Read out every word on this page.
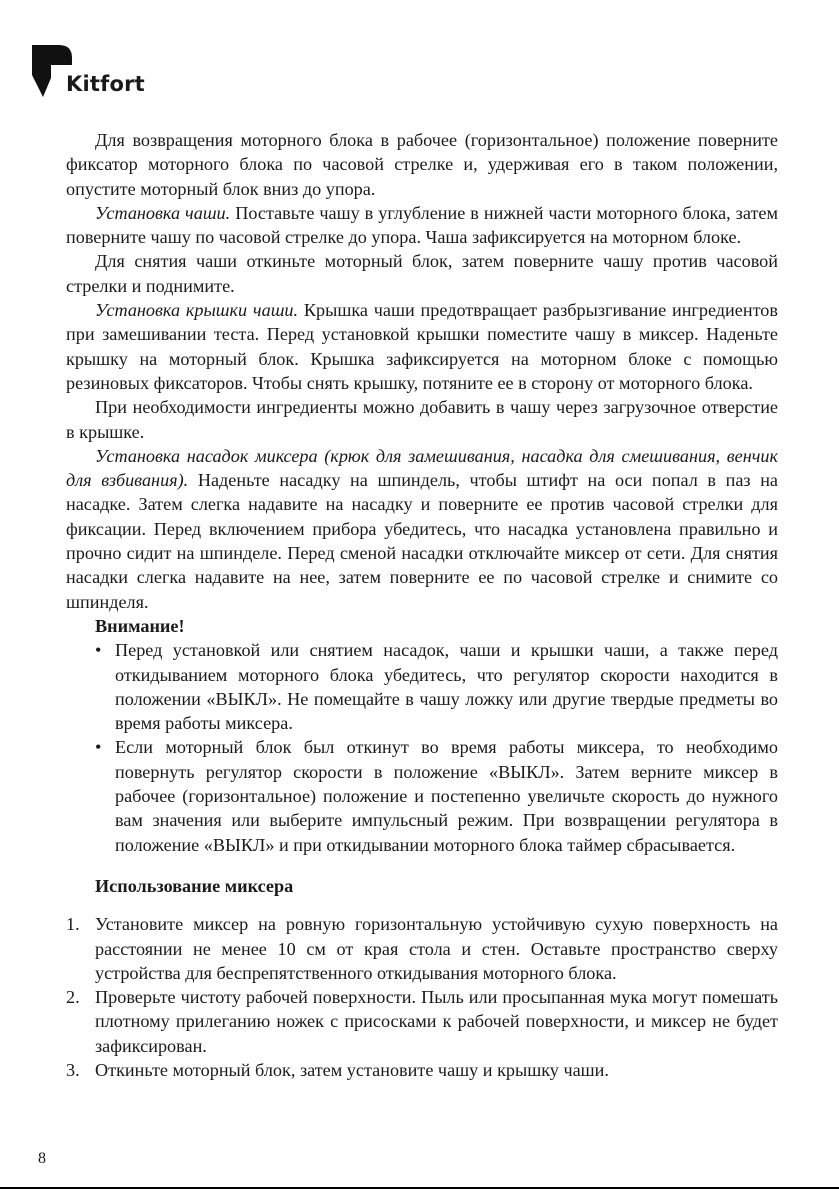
Kitfort

Для возвращения моторного блока в рабочее (горизонтальное) положение поверните фиксатор моторного блока по часовой стрелке и, удерживая его в таком положении, опустите моторный блок вниз до упора.

Установка чаши. Поставьте чашу в углубление в нижней части моторного блока, затем поверните чашу по часовой стрелке до упора. Чаша зафиксируется на моторном блоке.

Для снятия чаши откиньте моторный блок, затем поверните чашу против часовой стрелки и поднимите.

Установка крышки чаши. Крышка чаши предотвращает разбрызгивание ингредиентов при замешивании теста. Перед установкой крышки поместите чашу в миксер. Наденьте крышку на моторный блок. Крышка зафиксируется на моторном блоке с помощью резиновых фиксаторов. Чтобы снять крышку, потяните ее в сторону от моторного блока.

При необходимости ингредиенты можно добавить в чашу через загрузочное отверстие в крышке.

Установка насадок миксера (крюк для замешивания, насадка для смешивания, венчик для взбивания). Наденьте насадку на шпиндель, чтобы штифт на оси попал в паз на насадке. Затем слегка надавите на насадку и поверните ее против часовой стрелки для фиксации. Перед включением прибора убедитесь, что насадка установлена правильно и прочно сидит на шпинделе. Перед сменой насадки отключайте миксер от сети. Для снятия насадки слегка надавите на нее, затем поверните ее по часовой стрелке и снимите со шпинделя.

Внимание!

• Перед установкой или снятием насадок, чаши и крышки чаши, а также перед откидыванием моторного блока убедитесь, что регулятор скорости находится в положении «ВЫКЛ». Не помещайте в чашу ложку или другие твердые предметы во время работы миксера.
• Если моторный блок был откинут во время работы миксера, то необходимо повернуть регулятор скорости в положение «ВЫКЛ». Затем верните миксер в рабочее (горизонтальное) положение и постепенно увеличьте скорость до нужного вам значения или выберите импульсный режим. При возвращении регулятора в положение «ВЫКЛ» и при откидывании моторного блока таймер сбрасывается.

Использование миксера

1. Установите миксер на ровную горизонтальную устойчивую сухую поверхность на расстоянии не менее 10 см от края стола и стен. Оставьте пространство сверху устройства для беспрепятственного откидывания моторного блока.
2. Проверьте чистоту рабочей поверхности. Пыль или просыпанная мука могут помешать плотному прилеганию ножек с присосками к рабочей поверхности, и миксер не будет зафиксирован.
3. Откиньте моторный блок, затем установите чашу и крышку чаши.
8
